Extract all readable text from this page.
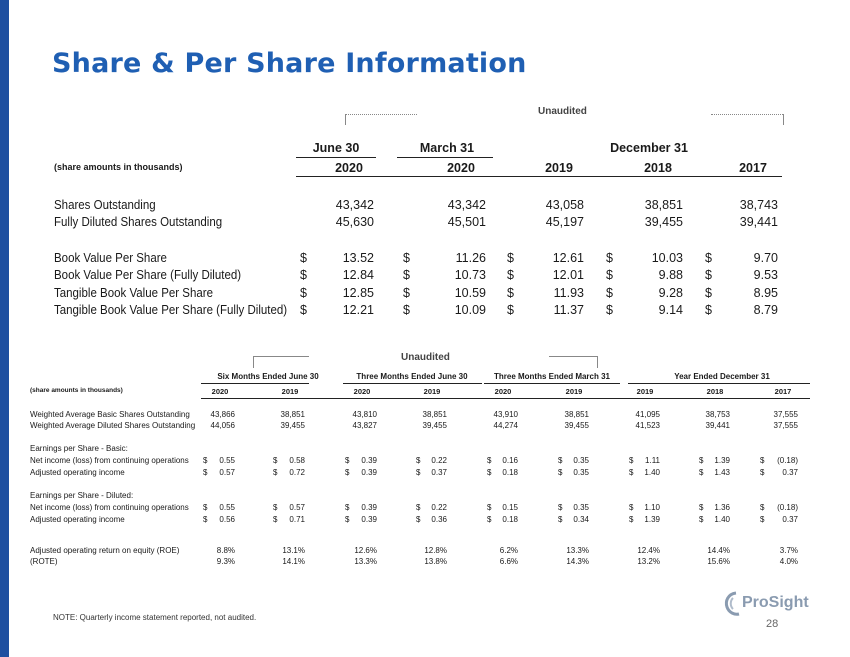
Share & Per Share Information
Unaudited
June 30	March 31	December 31
(share amounts in thousands)	2020	2020	2019	2018	2017
Shares Outstanding	43,342	43,342	43,058	38,851	38,743
Fully Diluted Shares Outstanding	45,630	45,501	45,197	39,455	39,441
Book Value Per Share	$	13.52 $	11.26 $	12.61 $	10.03 $	9.70
Book Value Per Share (Fully Diluted)	$	12.84 $	10.73 $	12.01 $	9.88 $	9.53
Tangible Book Value Per Share	$	12.85 $	10.59 $	11.93 $	9.28 $	8.95
Tangible Book Value Per Share (Fully Diluted) $	12.21 $	10.09 $	11.37 $	9.14 $	8.79
Unaudited
Six Months Ended June 30	Three Months Ended June 30	Three Months Ended March 31	Year Ended December 31
(share amounts in thousands)	2020	2019	2020	2019	2020	2019	2019	2018	2017
Weighted Average Basic Shares Outstanding	43,866	38,851	43,810	38,851	43,910	38,851	41,095	38,753	37,555
Weighted Average Diluted Shares Outstanding	44,056	39,455	43,827	39,455	44,274	39,455	41,523	39,441	37,555
Earnings per Share - Basic:
Net income (loss) from continuing operations $	0.55	$	0.58	$	0.39	$	0.22	$	0.16	$	0.35	$	1.11	$	1.39	$	(0.18)
Adjusted operating income	$	0.57	$	0.72	$	0.39	$	0.37	$	0.18	$	0.35	$	1.40	$	1.43	$	0.37
Earnings per Share - Diluted:
Net income (loss) from continuing operations $	0.55	$	0.57	$	0.39	$	0.22	$	0.15	$	0.35	$	1.10	$	1.36	$	(0.18)
Adjusted operating income	$	0.56	$	0.71	$	0.39	$	0.36	$	0.18	$	0.34	$	1.39	$	1.40	$	0.37
Adjusted operating return on equity (ROE)	8.8%	13.1%	12.6%	12.8%	6.2%	13.3%	12.4%	14.4%	3.7%
(ROTE)	9.3%	14.1%	13.3%	13.8%	6.6%	14.3%	13.2%	15.6%	4.0%
NOTE: Quarterly income statement reported, not audited.
ProSight
28
